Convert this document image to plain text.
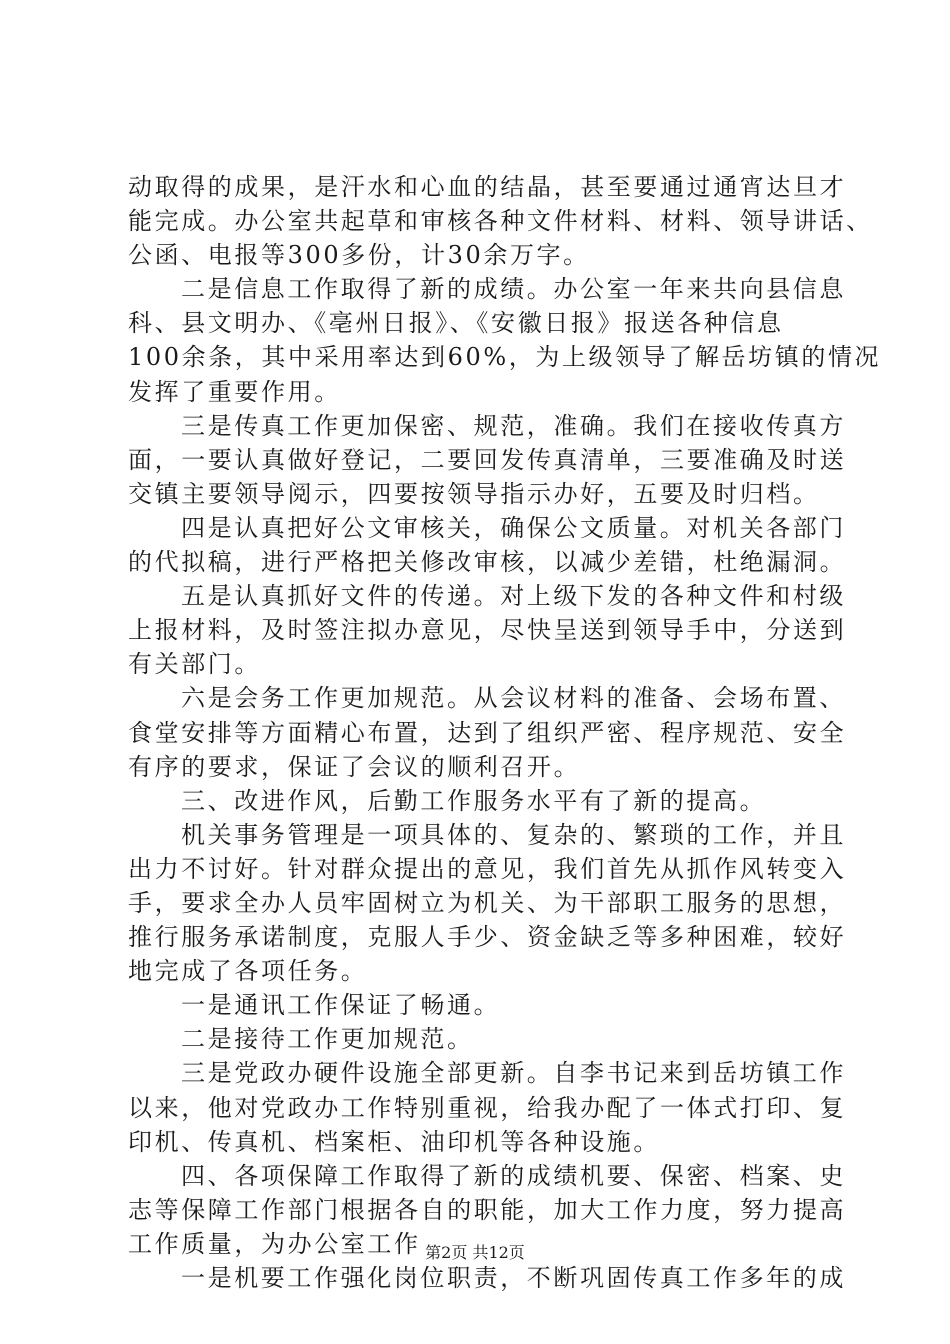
动取得的成果，是汗水和心血的结晶，甚至要通过通宵达旦才
能完成。办公室共起草和审核各种文件材料、材料、领导讲话、
公函、电报等300多份，计30余万字。
二是信息工作取得了新的成绩。办公室一年来共向县信息
科、县文明办、《亳州日报》、《安徽日报》报送各种信息
100余条，其中采用率达到60%，为上级领导了解岳坊镇的情况
发挥了重要作用。
三是传真工作更加保密、规范，准确。我们在接收传真方
面，一要认真做好登记，二要回发传真清单，三要准确及时送
交镇主要领导阅示，四要按领导指示办好，五要及时归档。
四是认真把好公文审核关，确保公文质量。对机关各部门
的代拟稿，进行严格把关修改审核，以减少差错，杜绝漏洞。
五是认真抓好文件的传递。对上级下发的各种文件和村级
上报材料，及时签注拟办意见，尽快呈送到领导手中，分送到
有关部门。
六是会务工作更加规范。从会议材料的准备、会场布置、
食堂安排等方面精心布置，达到了组织严密、程序规范、安全
有序的要求，保证了会议的顺利召开。
三、改进作风，后勤工作服务水平有了新的提高。
机关事务管理是一项具体的、复杂的、繁琐的工作，并且
出力不讨好。针对群众提出的意见，我们首先从抓作风转变入
手，要求全办人员牢固树立为机关、为干部职工服务的思想，
推行服务承诺制度，克服人手少、资金缺乏等多种困难，较好
地完成了各项任务。
一是通讯工作保证了畅通。
二是接待工作更加规范。
三是党政办硬件设施全部更新。自李书记来到岳坊镇工作
以来，他对党政办工作特别重视，给我办配了一体式打印、复
印机、传真机、档案柜、油印机等各种设施。
四、各项保障工作取得了新的成绩机要、保密、档案、史
志等保障工作部门根据各自的职能，加大工作力度，努力提高
工作质量，为办公室工作
一是机要工作强化岗位职责，不断巩固传真工作多年的成

第2页 共12页
